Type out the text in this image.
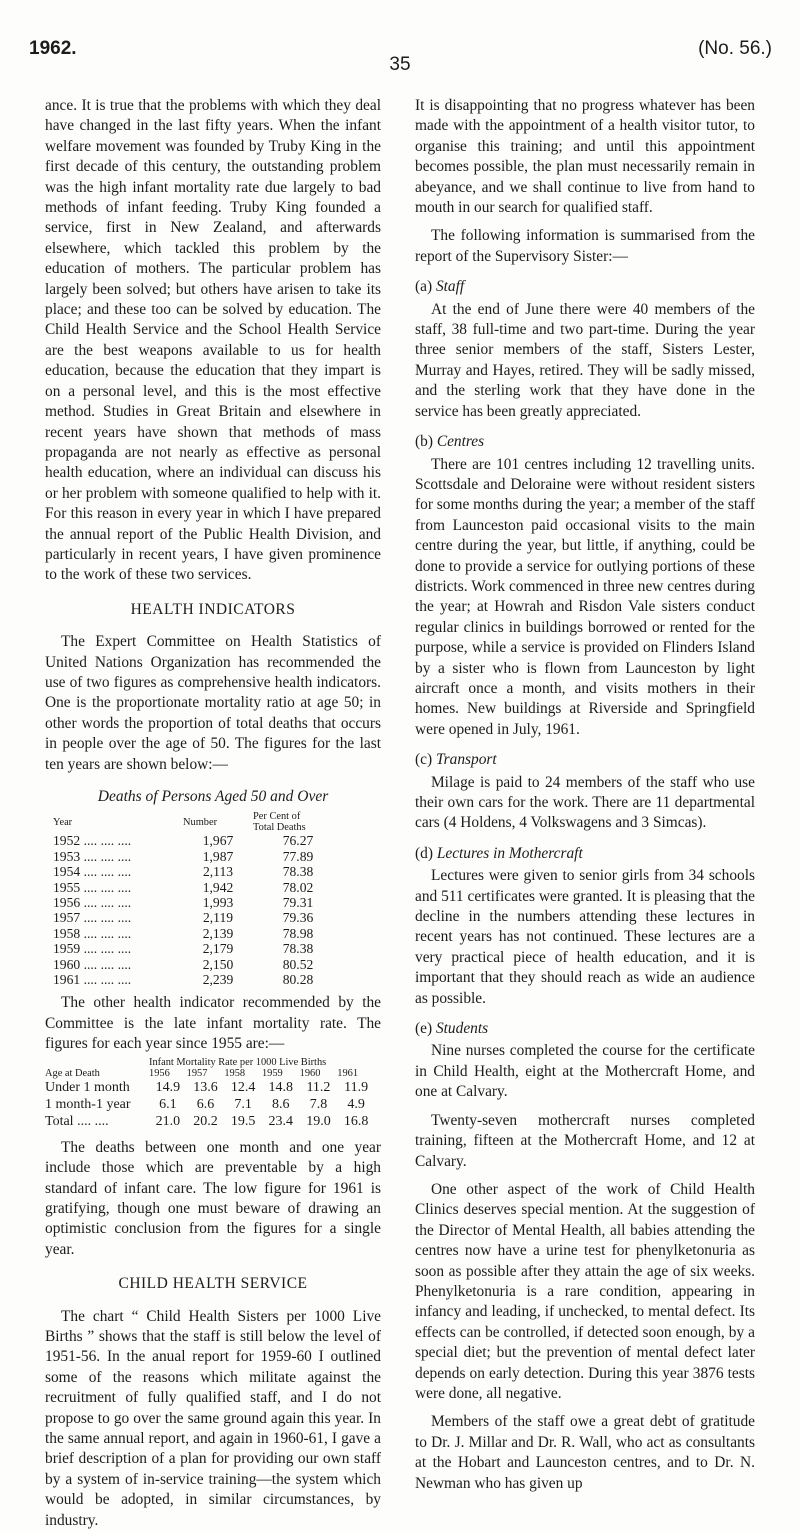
1962.
35
(No. 56.)

ance. It is true that the problems with which they deal have changed in the last fifty years. When the infant welfare movement was founded by Truby King in the first decade of this century, the outstanding problem was the high infant mortality rate due largely to bad methods of infant feeding. Truby King founded a service, first in New Zealand, and afterwards elsewhere, which tackled this problem by the education of mothers. The particular problem has largely been solved; but others have arisen to take its place; and these too can be solved by education. The Child Health Service and the School Health Service are the best weapons available to us for health education, because the education that they impart is on a personal level, and this is the most effective method. Studies in Great Britain and elsewhere in recent years have shown that methods of mass propaganda are not nearly as effective as personal health education, where an individual can discuss his or her problem with someone qualified to help with it. For this reason in every year in which I have prepared the annual report of the Public Health Division, and particularly in recent years, I have given prominence to the work of these two services.

HEALTH INDICATORS

The Expert Committee on Health Statistics of United Nations Organization has recommended the use of two figures as comprehensive health indicators. One is the proportionate mortality ratio at age 50; in other words the proportion of total deaths that occurs in people over the age of 50. The figures for the last ten years are shown below:—

Deaths of Persons Aged 50 and Over
Year	Number	Per Cent of
Total Deaths
1952 .... .... ....	1,967	76.27
1953 .... .... ....	1,987	77.89
1954 .... .... ....	2,113	78.38
1955 .... .... ....	1,942	78.02
1956 .... .... ....	1,993	79.31
1957 .... .... ....	2,119	79.36
1958 .... .... ....	2,139	78.98
1959 .... .... ....	2,179	78.38
1960 .... .... ....	2,150	80.52
1961 .... .... ....	2,239	80.28

The other health indicator recommended by the Committee is the late infant mortality rate. The figures for each year since 1955 are:—

Age at Death	Infant Mortality Rate per 1000 Live Births					
	1956	1957	1958	1959	1960	1961
Under 1 month	14.9	13.6	12.4	14.8	11.2	11.9
1 month-1 year	6.1	6.6	7.1	8.6	7.8	4.9
Total .... ....	21.0	20.2	19.5	23.4	19.0	16.8

The deaths between one month and one year include those which are preventable by a high standard of infant care. The low figure for 1961 is gratifying, though one must beware of drawing an optimistic conclusion from the figures for a single year.

CHILD HEALTH SERVICE

The chart “ Child Health Sisters per 1000 Live Births ” shows that the staff is still below the level of 1951-56. In the anual report for 1959-60 I outlined some of the reasons which militate against the recruitment of fully qualified staff, and I do not propose to go over the same ground again this year. In the same annual report, and again in 1960-61, I gave a brief description of a plan for providing our own staff by a system of in-service training—the system which would be adopted, in similar circumstances, by industry.

It is disappointing that no progress whatever has been made with the appointment of a health visitor tutor, to organise this training; and until this appointment becomes possible, the plan must necessarily remain in abeyance, and we shall continue to live from hand to mouth in our search for qualified staff.

The following information is summarised from the report of the Supervisory Sister:—

(a) Staff

At the end of June there were 40 members of the staff, 38 full-time and two part-time. During the year three senior members of the staff, Sisters Lester, Murray and Hayes, retired. They will be sadly missed, and the sterling work that they have done in the service has been greatly appreciated.

(b) Centres

There are 101 centres including 12 travelling units. Scottsdale and Deloraine were without resident sisters for some months during the year; a member of the staff from Launceston paid occasional visits to the main centre during the year, but little, if anything, could be done to provide a service for outlying portions of these districts. Work commenced in three new centres during the year; at Howrah and Risdon Vale sisters conduct regular clinics in buildings borrowed or rented for the purpose, while a service is provided on Flinders Island by a sister who is flown from Launceston by light aircraft once a month, and visits mothers in their homes. New buildings at Riverside and Springfield were opened in July, 1961.

(c) Transport

Milage is paid to 24 members of the staff who use their own cars for the work. There are 11 departmental cars (4 Holdens, 4 Volkswagens and 3 Simcas).

(d) Lectures in Mothercraft

Lectures were given to senior girls from 34 schools and 511 certificates were granted. It is pleasing that the decline in the numbers attending these lectures in recent years has not continued. These lectures are a very practical piece of health education, and it is important that they should reach as wide an audience as possible.

(e) Students

Nine nurses completed the course for the certificate in Child Health, eight at the Mothercraft Home, and one at Calvary.

Twenty-seven mothercraft nurses completed training, fifteen at the Mothercraft Home, and 12 at Calvary.

One other aspect of the work of Child Health Clinics deserves special mention. At the suggestion of the Director of Mental Health, all babies attending the centres now have a urine test for phenylketonuria as soon as possible after they attain the age of six weeks. Phenylketonuria is a rare condition, appearing in infancy and leading, if unchecked, to mental defect. Its effects can be controlled, if detected soon enough, by a special diet; but the prevention of mental defect later depends on early detection. During this year 3876 tests were done, all negative.

Members of the staff owe a great debt of gratitude to Dr. J. Millar and Dr. R. Wall, who act as consultants at the Hobart and Launceston centres, and to Dr. N. Newman who has given up
